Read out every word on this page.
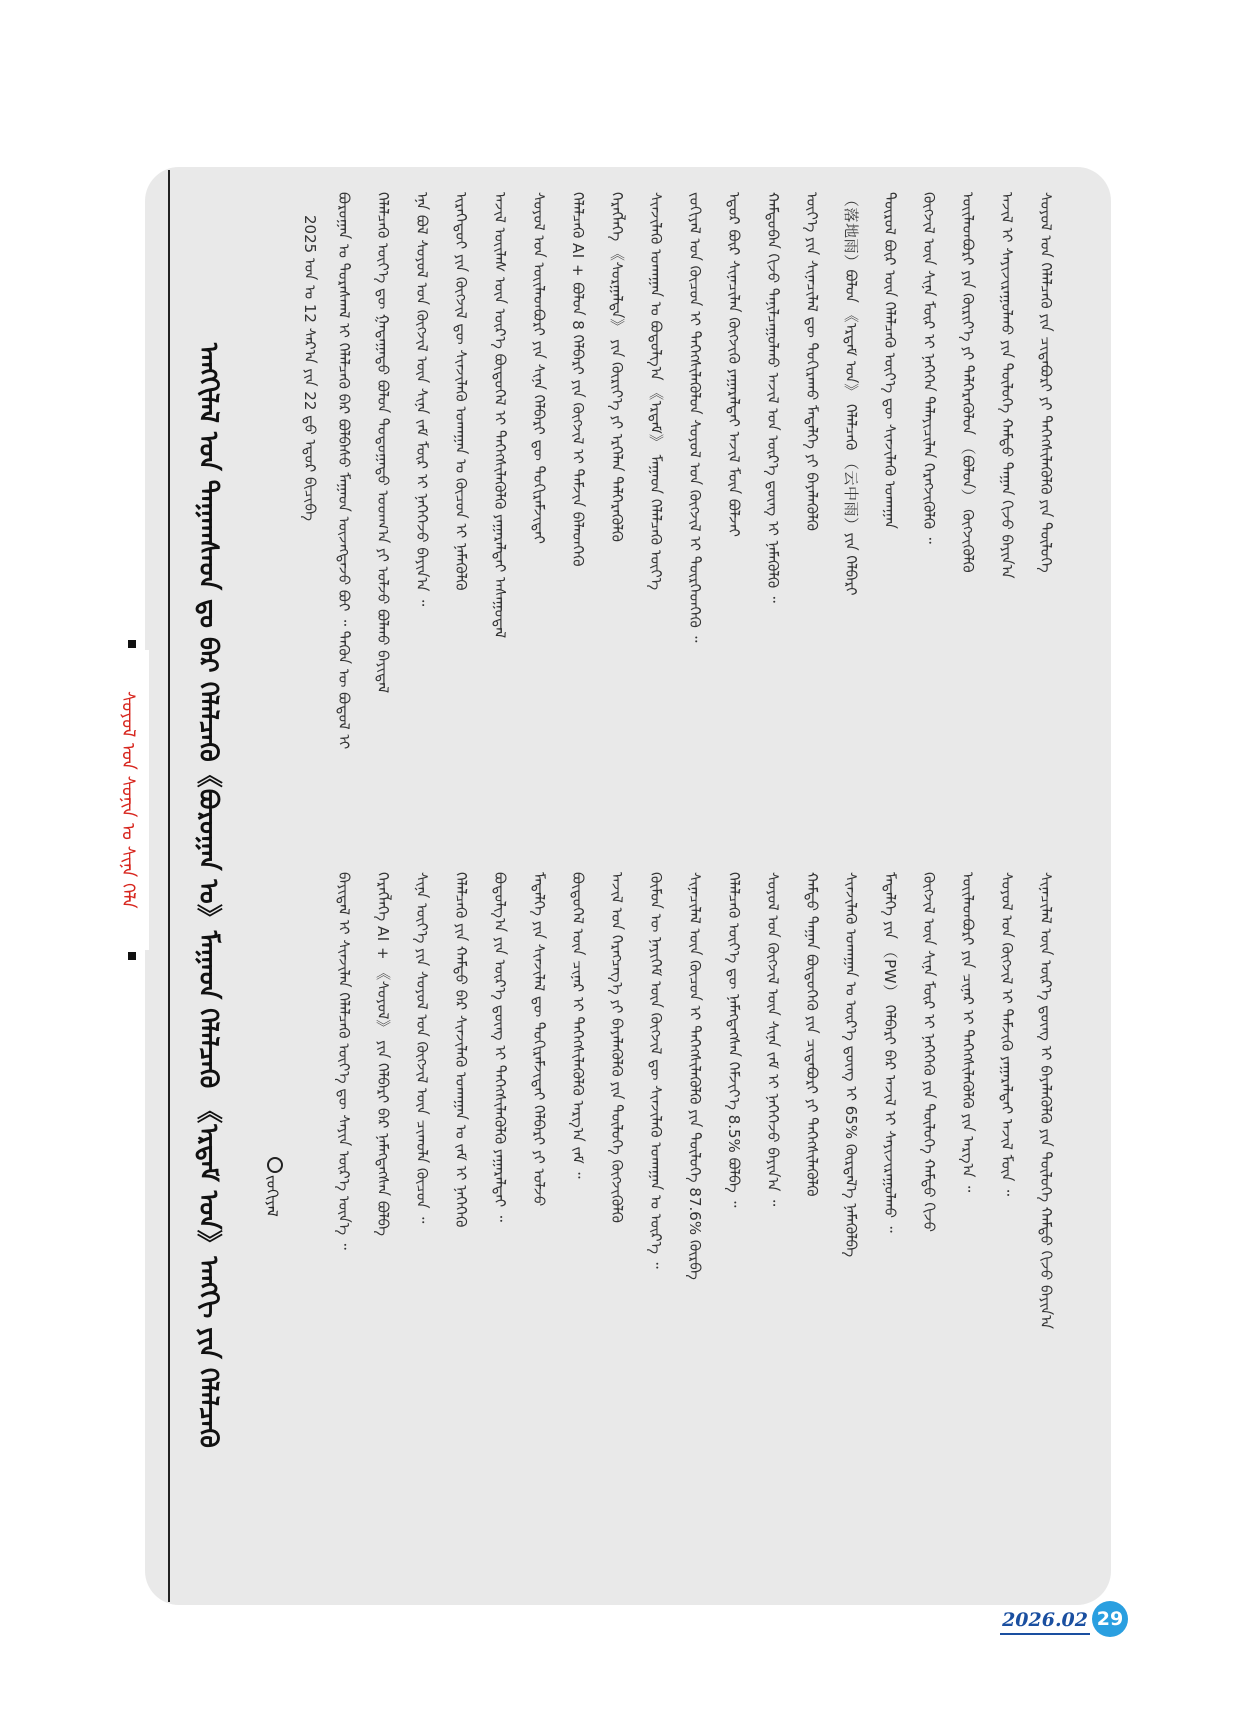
ᠰᠣᠶᠣᠯ ᠤᠨ ᠰᠣᠨᠢᠨ ᠤ ᠰᠢᠨᠡ ᠬᠡᠯᠡ	ᠠᠩᠭᠢᠯᠠᠯ ᠤᠨ ᠳᠠᠭᠠᠭᠰᠠᠳ ᠳᠤ ᠪᠡᠷ ᠬᠡᠯᠡᠯᠴᠡᠬᠦ《ᠪᠣᠷᠣᠭᠠᠨ ᠤ》ᠮᠠᠭᠠᠳ ᠬᠡᠯᠡᠯᠴᠡᠬᠦ 《ᠡᠷᠳᠡᠮ ᠤᠨ》ᠠᠩᠭᠢ ᠶᠢᠨ ᠬᠡᠯᠡᠯᠴᠡᠬᠦ	ᠵᠣᠬᠢᠶᠠᠯ
2025 ᠣᠨ ᠤ 12 ᠰᠠᠷ᠎ᠠ ᠶᠢᠨ 22 ᠳ᠋ᠤ ᠡᠳᠦᠷ ᠪᠢᠴᠢᠪᠡ ᠪᠣᠷᠣᠭᠠᠨ ᠤ ᠳᠤᠷᠠᠰᠬᠠᠯ ᠢ ᠬᠡᠯᠡᠯᠴᠡᠬᠦ ᠪᠡᠷ ᠪᠣᠯᠪᠠᠰᠤ ᠮᠠᠭᠠᠳ ᠦᠵᠡᠭᠳᠡᠵᠦ ᠪᠣᠢ ᠃ ᠲᠡᠭᠦᠨ ᠦ ᠪᠣᠳᠣᠯ ᠢ ᠬᠡᠯᠡᠯᠴᠡᠬᠦ ᠦᠶ᠎ᠡ ᠳᠦ ᠭᠠᠳᠠᠭᠠᠳᠤ ᠪᠣᠯᠣᠨ ᠳᠣᠲᠣᠭᠠᠳᠤ ᠤᠳᠬ᠎ᠠ ᠶᠢ ᠣᠯᠵᠤ ᠪᠣᠯᠬᠤ ᠪᠠᠶᠢᠳᠠᠯ ᠡᠨᠡ ᠪᠣᠯ ᠰᠣᠶᠣᠯ ᠤᠨ ᠬᠦᠭᠵᠢᠯ ᠦᠨ ᠰᠢᠨᠡ ᠵᠠᠮ ᠮᠥᠷ ᠢ ᠨᠡᠭᠡᠭᠡᠵᠦ ᠪᠠᠶᠢᠨ᠎ᠠ ᠃ ᠢᠷᠡᠭᠡᠳᠦᠢ ᠶᠢᠨ ᠬᠥᠭᠵᠢᠯ ᠳᠦ ᠰᠢᠨᠵᠢᠯᠡᠬᠦ ᠤᠬᠠᠭᠠᠨ ᠤ ᠬᠦᠴᠦᠨ ᠢ ᠨᠡᠮᠡᠭᠦᠯᠬᠦ ᠠᠵᠢᠯ ᠦᠢᠯᠡᠰ ᠦᠨ ᠦᠷ᠎ᠡ ᠪᠦᠲᠦᠭᠡᠯ ᠢ ᠳᠡᠭᠡᠭᠰᠢᠯᠡᠭᠦᠯᠬᠦ ᠶᠠᠭᠠᠷᠠᠯᠲᠠᠢ ᠠᠰᠠᠭᠤᠳᠠᠯ ᠰᠣᠶᠣᠯ ᠤᠨ ᠦᠢᠯᠡᠳᠪᠦᠷᠢ ᠶᠢᠨ ᠰᠢᠨᠡ ᠬᠡᠯᠪᠡᠷᠢ ᠳᠦ ᠲᠣᠬᠢᠷᠠᠮᠵᠢᠲᠠᠢ ᠬᠡᠯᠡᠯᠴᠡᠬᠦ AI + ᠪᠣᠯᠣᠨ 8 ᠬᠡᠯᠪᠡᠷᠢ ᠶᠢᠨ ᠬᠦᠭᠵᠢᠯ ᠢ ᠳᠡᠮᠵᠢᠨ ᠪᠡᠯᠡᠳᠬᠡᠬᠦ ᠬᠡᠷᠡᠭᠯᠡᠭᠡ 《ᠰᠤᠷᠭᠠᠯᠲᠠ》 ᠶᠢᠨ ᠬᠦᠷᠢᠶ᠎ᠡ ᠶᠢ ᠡᠷᠬᠡᠯᠡᠨ ᠳᠡᠯᠭᠡᠷᠡᠭᠦᠯᠬᠦ ᠰᠢᠨᠵᠢᠯᠡᠬᠦ ᠤᠬᠠᠭᠠᠨ ᠤ ᠪᠣᠳᠣᠯᠭ᠎ᠠ 《ᠡᠷᠳᠡᠮ》 ᠮᠠᠭᠠᠳ ᠬᠡᠯᠡᠯᠴᠡᠬᠦ ᠦᠶ᠎ᠡ ᠵᠣᠬᠢᠶᠠᠯ ᠤᠨ ᠬᠦᠴᠦᠨ ᠢ ᠳᠡᠭᠡᠭᠰᠢᠯᠡᠭᠦᠯᠦᠨ ᠰᠣᠶᠣᠯ ᠤᠨ ᠬᠦᠭᠵᠢᠯ ᠢ ᠳᠦᠷᠭᠡᠳᠭᠡᠬᠦ ᠃ ᠡᠳᠦᠷ ᠪᠦᠷ ᠰᠢᠨᠡᠴᠢᠯᠡᠨ ᠬᠥᠭᠵᠢᠬᠦ ᠶᠠᠭᠠᠷᠠᠯᠲᠠᠢ ᠠᠵᠢᠯ ᠮᠥᠨ ᠪᠣᠯᠵᠠᠢ ᠬᠠᠮᠲᠤᠪᠠᠨ ᠬᠢᠵᠦ ᠲᠠᠨᠢᠯᠴᠠᠭᠤᠯᠬᠤ ᠠᠵᠢᠯ ᠤᠨ ᠦᠷ᠎ᠡ ᠳ᠋ᠦᠩ ᠢ ᠨᠡᠮᠡᠭᠦᠯᠬᠦ ᠃ ᠦᠶ᠎ᠡ ᠶᠢᠨ ᠰᠢᠨᠡᠴᠢᠯᠡᠯ ᠳᠦ ᠲᠣᠬᠢᠷᠠᠬᠤ ᠮᠡᠳᠡᠯᠭᠡ ᠶᠢ ᠪᠡᠶᠡᠯᠡᠭᠦᠯᠬᠦ （落地雨）ᠪᠣᠯᠣᠨ 《ᠡᠷᠳᠡᠮ ᠤᠨ》 ᠬᠡᠯᠡᠯᠴᠡᠬᠦ （云中雨）ᠶᠢᠨ ᠬᠡᠯᠪᠡᠷᠢ ᠲᠥᠷᠦᠯ ᠪᠦᠷ ᠦᠨ ᠬᠡᠯᠡᠯᠴᠡᠬᠦ ᠦᠶ᠎ᠡ ᠳᠦ ᠰᠢᠨᠵᠢᠯᠡᠬᠦ ᠤᠬᠠᠭᠠᠨ ᠬᠥᠭᠵᠢᠯ ᠦᠨ ᠰᠢᠨᠡ ᠮᠥᠷ ᠢ ᠨᠡᠭᠡᠭᠡᠨ ᠳᠠᠯᠠᠶᠢᠴᠢᠯᠠᠨ ᠬᠡᠷᠡᠭᠵᠢᠭᠦᠯᠬᠦ ᠃ ᠦᠢᠯᠡᠳᠪᠦᠷᠢ ᠶᠢᠨ ᠬᠦᠷᠢᠶ᠎ᠡ ᠶᠢ ᠳᠡᠯᠭᠡᠷᠡᠭᠦᠯᠦᠨ （ᠪᠣᠯᠤᠨ） ᠬᠥᠭᠵᠢᠭᠦᠯᠬᠦ ᠠᠵᠢᠯ ᠢ ᠰᠠᠶᠢᠵᠢᠷᠠᠭᠤᠯᠬᠤ ᠶᠢᠨ ᠲᠥᠯᠦᠭᠡ ᠬᠠᠮᠲᠤ ᠳᠠᠭᠠᠨ ᠬᠢᠵᠦ ᠪᠠᠶᠢᠨ᠎ᠠ ᠰᠣᠶᠣᠯ ᠤᠨ ᠬᠡᠯᠡᠯᠴᠡᠬᠦ ᠶᠢᠨ ᠴᠢᠳᠠᠪᠤᠷᠢ ᠶᠢ ᠳᠡᠭᠡᠭᠰᠢᠯᠡᠭᠦᠯᠬᠦ ᠶᠢᠨ ᠲᠥᠯᠦᠭᠡ
ᠪᠠᠶᠢᠳᠠᠯ ᠢ ᠰᠢᠨᠵᠢᠯᠡᠨ ᠬᠡᠯᠡᠯᠴᠡᠬᠦ ᠦᠶ᠎ᠡ ᠳᠦ ᠰᠠᠶᠢᠨ ᠦᠷ᠎ᠡ ᠦᠨ᠎ᠡ ᠃ ᠬᠡᠷᠡᠭᠯᠡᠭᠡ AI + 《ᠰᠣᠶᠣᠯ》 ᠶᠢᠨ ᠬᠡᠯᠪᠡᠷᠢ ᠪᠡᠷ ᠨᠡᠮᠡᠭᠳᠡᠭᠰᠡᠨ ᠪᠣᠯᠪᠠ ᠰᠢᠨᠡ ᠦᠶ᠎ᠡ ᠶᠢᠨ ᠰᠣᠶᠣᠯ ᠤᠨ ᠬᠦᠭᠵᠢᠯ ᠦᠨ ᠴᠢᠬᠤᠯᠠ ᠬᠦᠴᠦᠨ ᠃ ᠬᠡᠯᠡᠯᠴᠡᠬᠦ ᠶᠢᠨ ᠬᠠᠮᠲᠤ ᠪᠡᠷ ᠰᠢᠨᠵᠢᠯᠡᠬᠦ ᠤᠬᠠᠭᠠᠨ ᠤ ᠵᠠᠮ ᠢ ᠨᠡᠭᠡᠭᠡᠬᠦ ᠪᠣᠳᠣᠯᠭ᠎ᠠ ᠶᠢᠨ ᠦᠷ᠎ᠡ ᠳ᠋ᠦᠩ ᠢ ᠳᠡᠭᠡᠭᠰᠢᠯᠡᠭᠦᠯᠬᠦ ᠶᠠᠭᠠᠷᠠᠯᠲᠠᠢ ᠃ ᠮᠡᠳᠡᠯᠭᠡ ᠶᠢᠨ ᠰᠢᠨᠵᠢᠯᠡᠯ ᠳᠦ ᠲᠣᠬᠢᠷᠠᠮᠵᠢᠲᠠᠢ ᠬᠡᠯᠪᠡᠷᠢ ᠶᠢ ᠣᠯᠵᠤ ᠪᠦᠲᠦᠭᠡᠯ ᠦᠨ ᠴᠢᠨᠠᠷ ᠢ ᠳᠡᠭᠡᠭᠰᠢᠯᠡᠭᠦᠯᠬᠦ ᠠᠷᠭ᠎ᠠ ᠵᠠᠮ ᠃ ᠠᠵᠢᠯ ᠤᠨ ᠬᠡᠷᠡᠭᠴᠡᠭ᠎ᠡ ᠶᠢ ᠪᠡᠶᠡᠯᠡᠭᠦᠯᠬᠦ ᠶᠢᠨ ᠲᠥᠯᠦᠭᠡ ᠬᠥᠭᠵᠢᠭᠦᠯᠬᠦ ᠬᠦᠮᠦᠨ ᠦ ᠨᠡᠶᠢᠭᠡᠮ ᠦᠨ ᠬᠥᠭᠵᠢᠯ ᠳᠦ ᠰᠢᠨᠵᠢᠯᠡᠬᠦ ᠤᠬᠠᠭᠠᠨ ᠤ ᠦᠷ᠎ᠡ ᠃ ᠰᠢᠨᠡᠴᠢᠯᠡᠯ ᠦᠨ ᠬᠦᠴᠦᠨ ᠢ ᠳᠡᠭᠡᠭᠰᠢᠯᠡᠭᠦᠯᠬᠦ ᠶᠢᠨ ᠲᠥᠯᠦᠭᠡ 87.6% ᠬᠦᠷᠪᠡ ᠬᠡᠯᠡᠯᠴᠡᠬᠦ ᠦᠶ᠎ᠡ ᠳᠦ ᠨᠡᠮᠡᠭᠳᠡᠭᠰᠡᠨ ᠬᠡᠮᠵᠢᠶ᠎ᠡ 8.5% ᠪᠣᠯᠪᠠ ᠃ ᠰᠣᠶᠣᠯ ᠤᠨ ᠬᠦᠭᠵᠢᠯ ᠦᠨ ᠰᠢᠨᠡ ᠵᠠᠮ ᠢ ᠨᠡᠭᠡᠭᠡᠵᠦ ᠪᠠᠶᠢᠨ᠎ᠠ ᠃ ᠬᠠᠮᠲᠤ ᠳᠠᠭᠠᠨ ᠪᠦᠲᠦᠭᠡᠬᠦ ᠶᠢᠨ ᠴᠢᠳᠠᠪᠤᠷᠢ ᠶᠢ ᠳᠡᠭᠡᠭᠰᠢᠯᠡᠭᠦᠯᠬᠦ ᠰᠢᠨᠵᠢᠯᠡᠬᠦ ᠤᠬᠠᠭᠠᠨ ᠤ ᠦᠷ᠎ᠡ ᠳ᠋ᠦᠩ ᠢ 65% ᠬᠦᠷᠲᠡᠯ᠎ᠡ ᠨᠡᠮᠡᠭᠦᠯᠪᠡ ᠮᠡᠳᠡᠯᠭᠡ ᠶᠢᠨ （PW） ᠬᠡᠯᠪᠡᠷᠢ ᠪᠡᠷ ᠠᠵᠢᠯ ᠢ ᠰᠠᠶᠢᠵᠢᠷᠠᠭᠤᠯᠬᠤ ᠃ ᠬᠦᠭᠵᠢᠯ ᠦᠨ ᠰᠢᠨᠡ ᠮᠥᠷ ᠢ ᠨᠡᠭᠡᠭᠡᠬᠦ ᠶᠢᠨ ᠲᠥᠯᠦᠭᠡ ᠬᠠᠮᠲᠤ ᠬᠢᠵᠦ ᠦᠢᠯᠡᠳᠪᠦᠷᠢ ᠶᠢᠨ ᠴᠢᠨᠠᠷ ᠢ ᠳᠡᠭᠡᠭᠰᠢᠯᠡᠭᠦᠯᠬᠦ ᠶᠢᠨ ᠠᠷᠭ᠎ᠠ ᠃ ᠰᠣᠶᠣᠯ ᠤᠨ ᠬᠦᠭᠵᠢᠯ ᠢ ᠳᠡᠮᠵᠢᠬᠦ ᠶᠠᠭᠠᠷᠠᠯᠲᠠᠢ ᠠᠵᠢᠯ ᠮᠥᠨ ᠃ ᠰᠢᠨᠡᠴᠢᠯᠡᠯ ᠦᠨ ᠦᠷ᠎ᠡ ᠳ᠋ᠦᠩ ᠢ ᠪᠡᠶᠡᠯᠡᠭᠦᠯᠬᠦ ᠶᠢᠨ ᠲᠥᠯᠦᠭᠡ ᠬᠠᠮᠲᠤ ᠬᠢᠵᠦ ᠪᠠᠶᠢᠨ᠎ᠠ
2026.02 29
